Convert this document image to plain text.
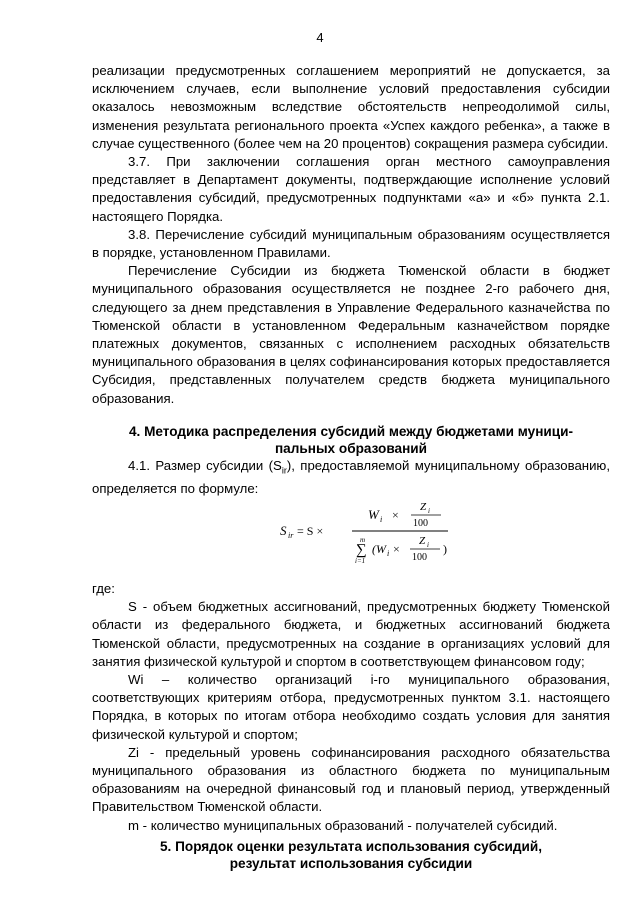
4

реализации предусмотренных соглашением мероприятий не допускается, за исключением случаев, если выполнение условий предоставления субсидии оказалось невозможным вследствие обстоятельств непреодолимой силы, изменения результата регионального проекта «Успех каждого ребенка», а также в случае существенного (более чем на 20 процентов) сокращения размера субсидии.

3.7. При заключении соглашения орган местного самоуправления представляет в Департамент документы, подтверждающие исполнение условий предоставления субсидий, предусмотренных подпунктами «а» и «б» пункта 2.1. настоящего Порядка.

3.8. Перечисление субсидий муниципальным образованиям осуществляется в порядке, установленном Правилами.

Перечисление Субсидии из бюджета Тюменской области в бюджет муниципального образования осуществляется не позднее 2-го рабочего дня, следующего за днем представления в Управление Федерального казначейства по Тюменской области в установленном Федеральным казначейством порядке платежных документов, связанных с исполнением расходных обязательств муниципального образования в целях софинансирования которых предоставляется Субсидия, представленных получателем средств бюджета муниципального образования.

4. Методика распределения субсидий между бюджетами муници-
пальных образований

4.1. Размер субсидии $(S_{ir})$, предоставляемой муниципальному образованию, определяется по формуле:

S ir = S ×
W i ×
Z i
100
m
∑
i=1
(W i ×
Z i
100
)

где:

S - объем бюджетных ассигнований, предусмотренных бюджету Тюменской области из федерального бюджета, и бюджетных ассигнований бюджета Тюменской области, предусмотренных на создание в организациях условий для занятия физической культурой и спортом в соответствующем финансовом году;

Wi – количество организаций i-го муниципального образования, соответствующих критериям отбора, предусмотренных пунктом 3.1. настоящего Порядка, в которых по итогам отбора необходимо создать условия для занятия физической культурой и спортом;

Zi - предельный уровень софинансирования расходного обязательства муниципального образования из областного бюджета по муниципальным образованиям на очередной финансовый год и плановый период, утвержденный Правительством Тюменской области.

m - количество муниципальных образований - получателей субсидий.

5. Порядок оценки результата использования субсидий,
результат использования субсидии
